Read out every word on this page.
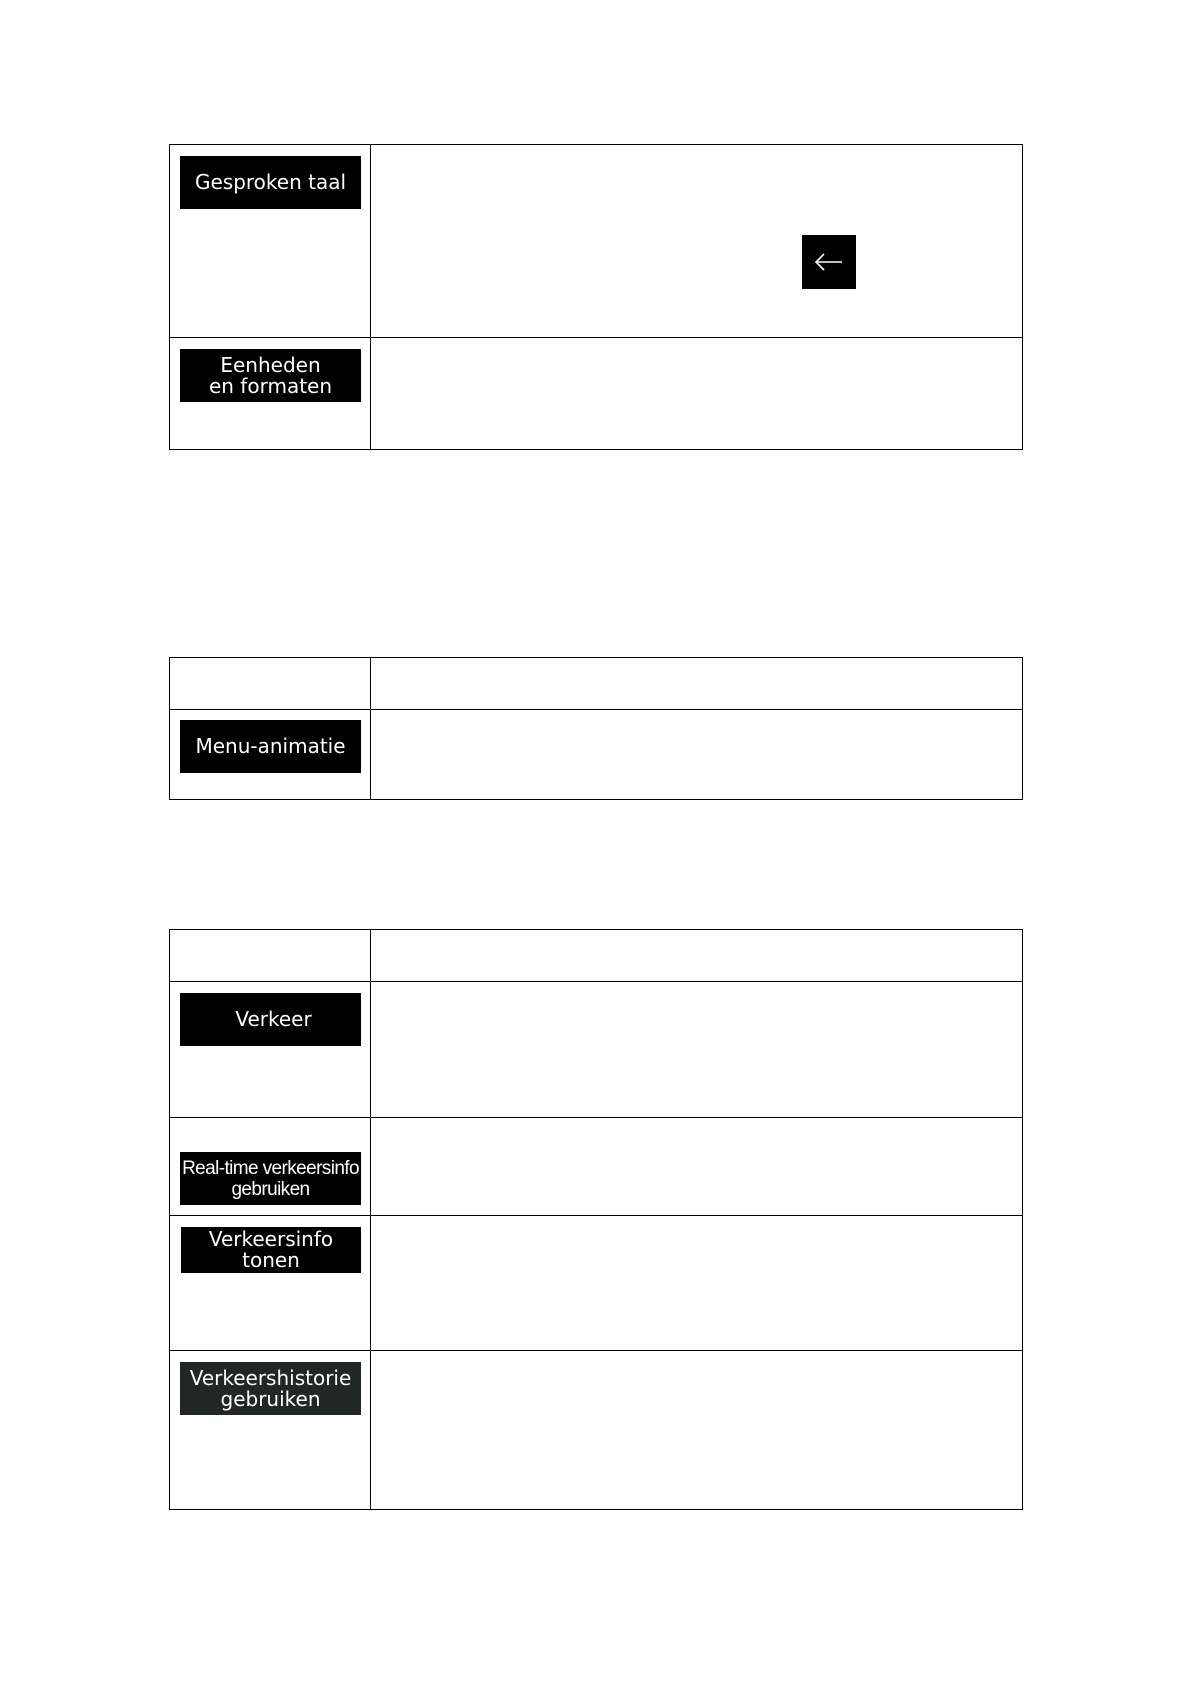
Gesproken taal

Eenheden
en formaten	

Menu-animatie	

Verkeer	

Real-time verkeersinfo
gebruiken	

Verkeersinfo tonen	

Verkeershistorie
gebruiken	
